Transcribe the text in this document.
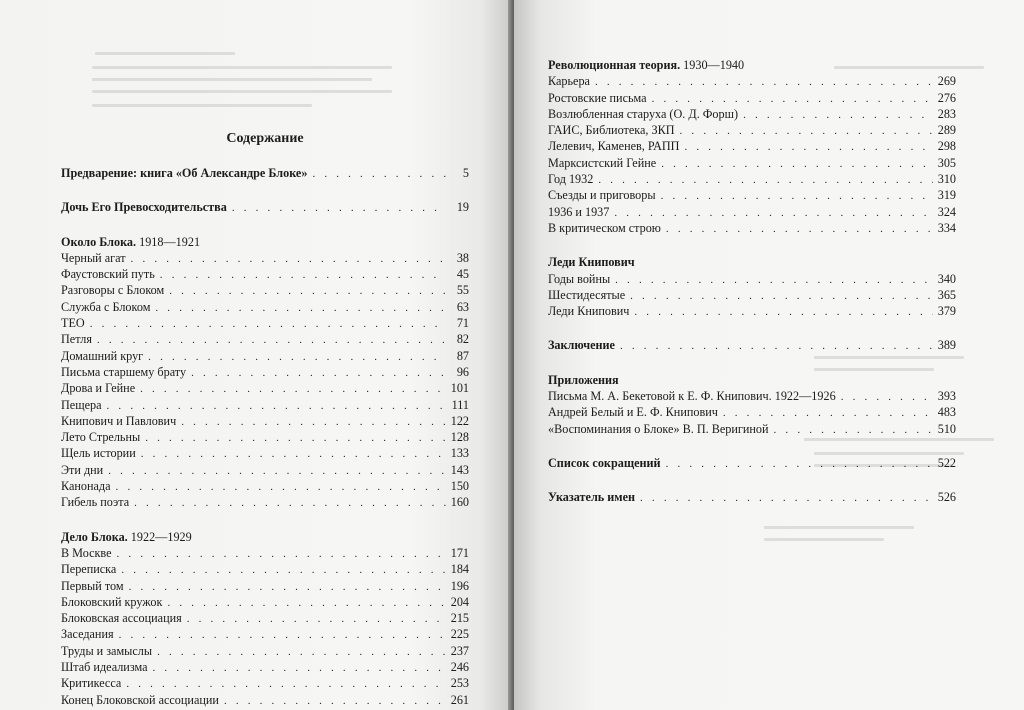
Содержание
Предварение: книга «Об Александре Блоке» . . .	5
Дочь Его Превосходительства . . .	19
Около Блока. 1918—1921
Черный агат . . .	38
Фаустовский путь . . .	45
Разговоры с Блоком . . .	55
Служба с Блоком . . .	63
ТЕО . . .	71
Петля . . .	82
Домашний круг . . .	87
Письма старшему брату . . .	96
Дрова и Гейне . . .	101
Пещера . . .	111
Книпович и Павлович . . .	122
Лето Стрельны . . .	128
Щель истории . . .	133
Эти дни . . .	143
Канонада . . .	150
Гибель поэта . . .	160
Дело Блока. 1922—1929
В Москве . . .	171
Переписка . . .	184
Первый том . . .	196
Блоковский кружок . . .	204
Блоковская ассоциация . . .	215
Заседания . . .	225
Труды и замыслы . . .	237
Штаб идеализма . . .	246
Критикесса . . .	253
Конец Блоковской ассоциации . . .	261
Революционная теория. 1930—1940
Карьера . . .	269
Ростовские письма . . .	276
Возлюбленная старуха (О. Д. Форш) . . .	283
ГАИС, Библиотека, ЗКП . . .	289
Лелевич, Каменев, РАПП . . .	298
Марксистский Гейне . . .	305
Год 1932 . . .	310
Съезды и приговоры . . .	319
1936 и 1937 . . .	324
В критическом строю . . .	334
Леди Книпович
Годы войны . . .	340
Шестидесятые . . .	365
Леди Книпович . . .	379
Заключение . . .	389
Приложения
Письма М. А. Бекетовой к Е. Ф. Книпович. 1922—1926 . . .	393
Андрей Белый и Е. Ф. Книпович . . .	483
«Воспоминания о Блоке» В. П. Веригиной . . .	510
Список сокращений . . .	522
Указатель имен . . .	526
